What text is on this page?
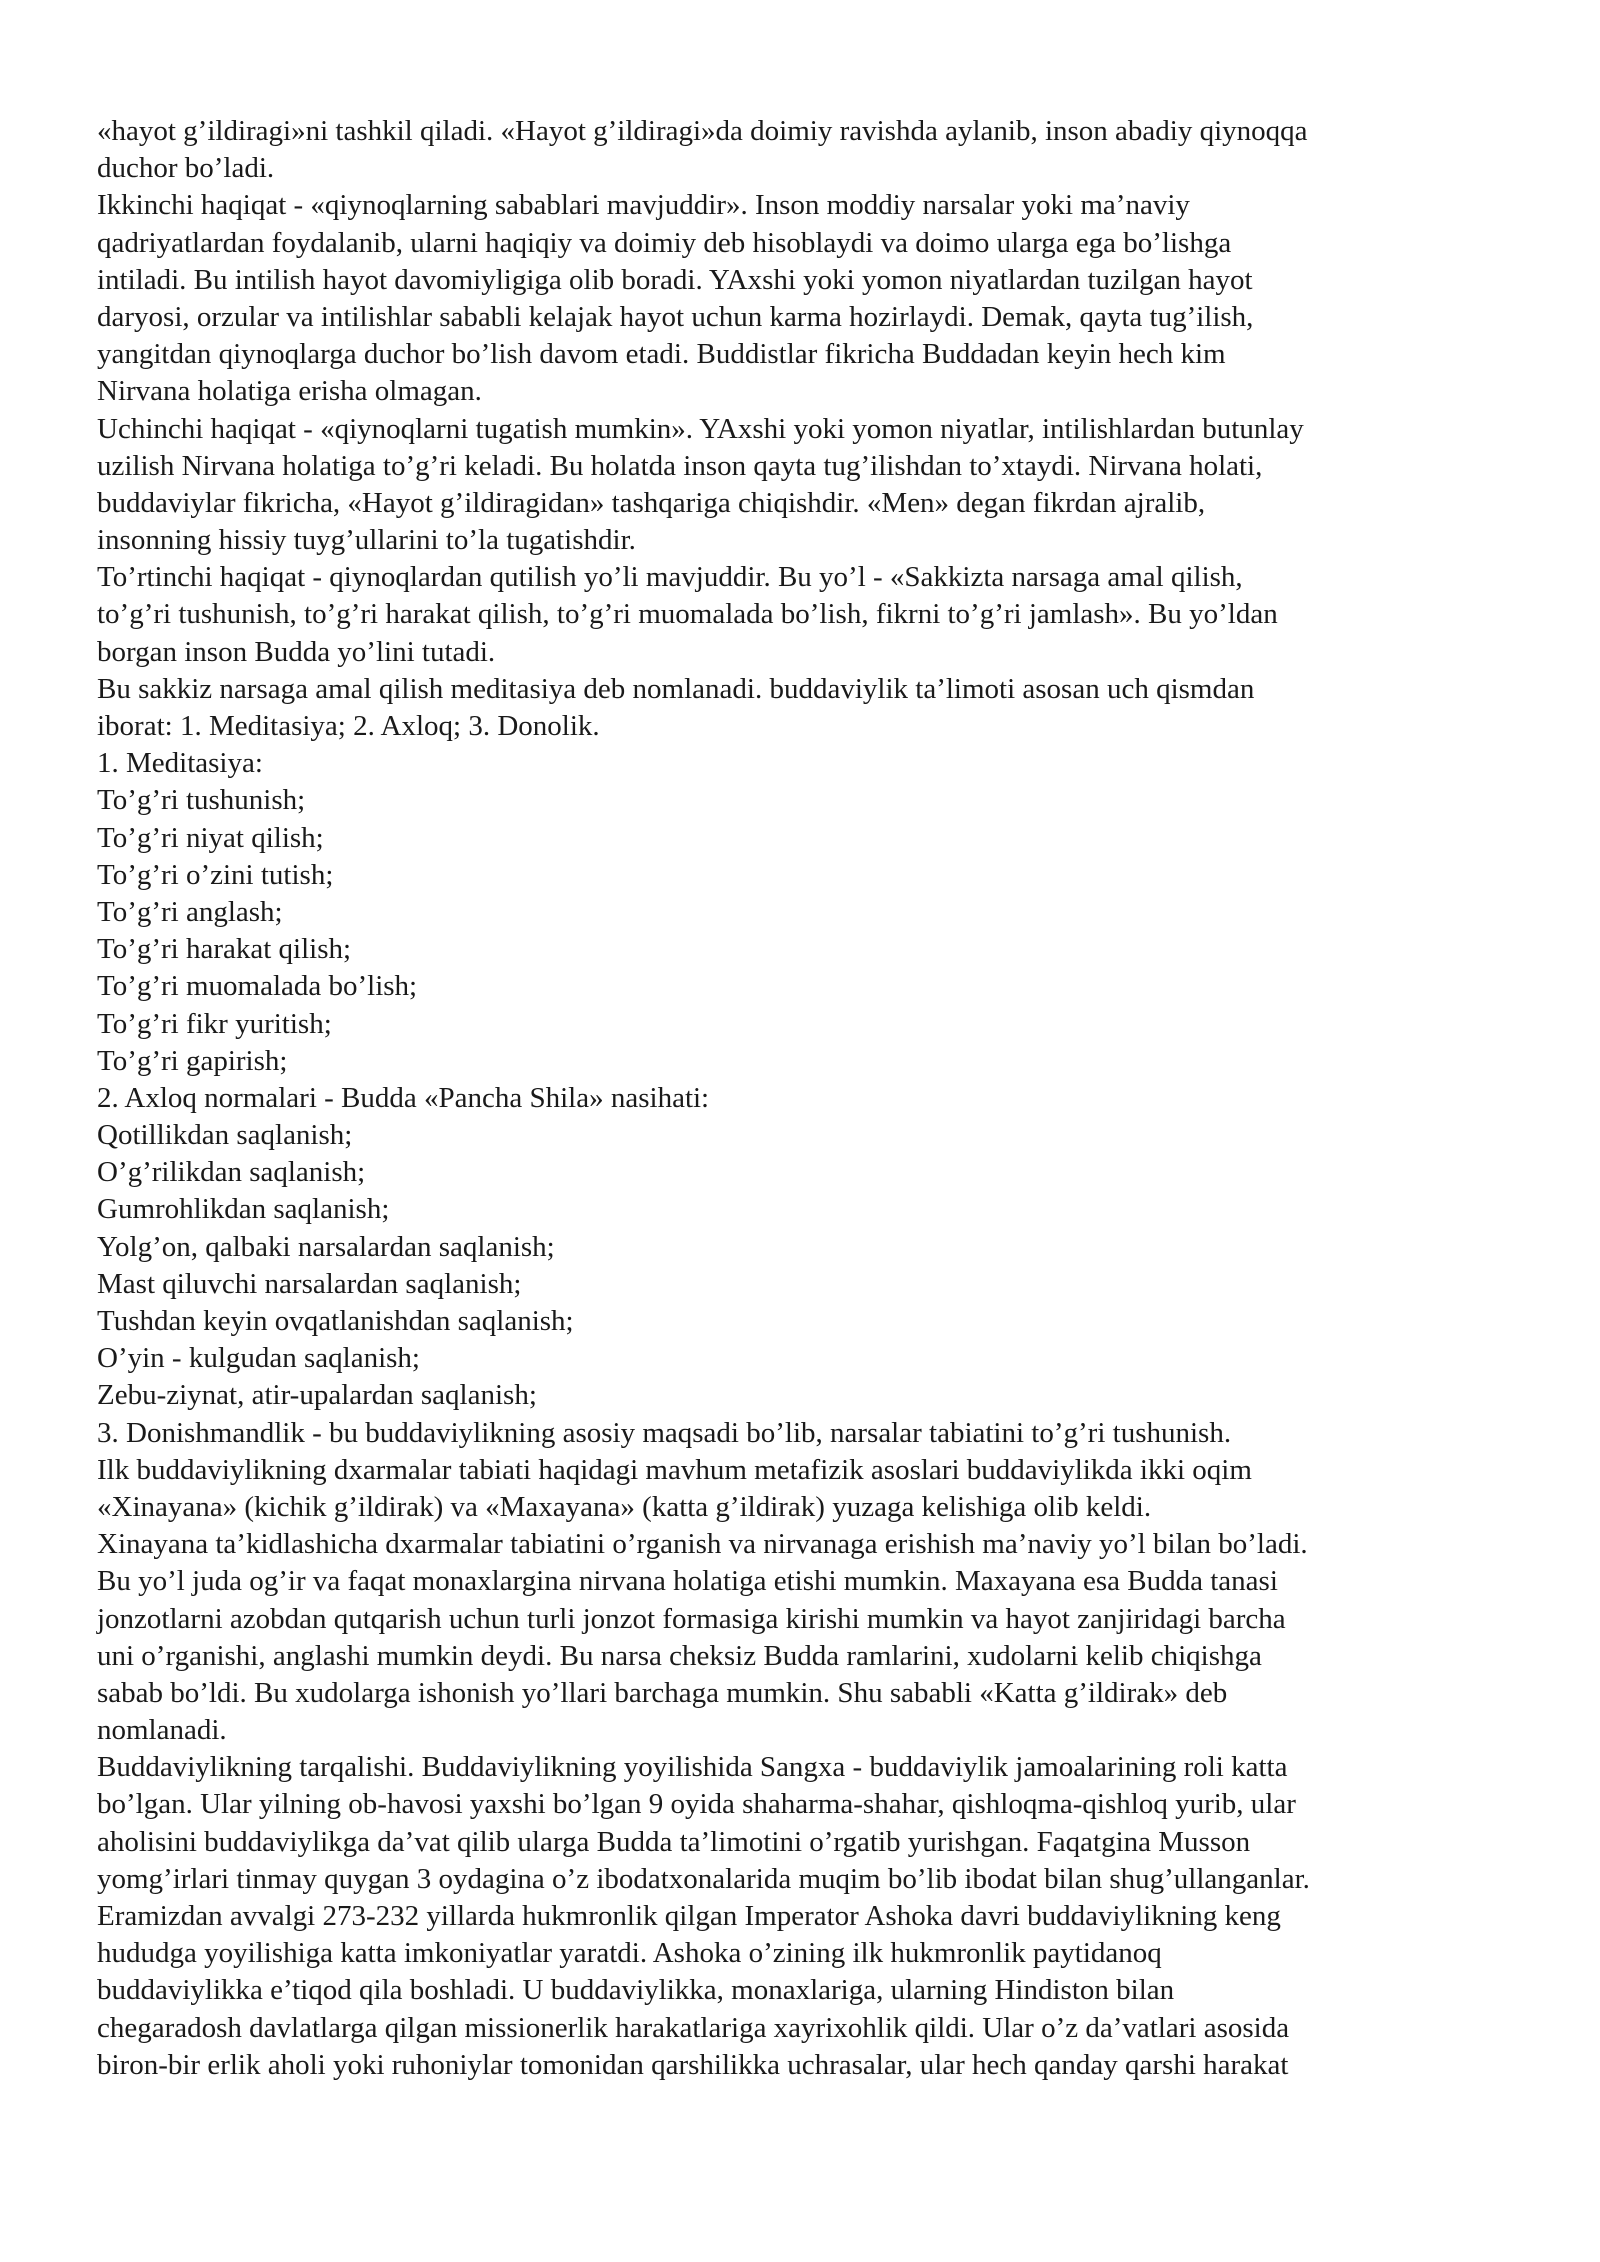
«hayot g’ildiragi»ni tashkil qiladi. «Hayot g’ildiragi»da doimiy ravishda aylanib, inson abadiy qiynoqqa
duchor bo’ladi.
Ikkinchi haqiqat - «qiynoqlarning sabablari mavjuddir». Inson moddiy narsalar yoki ma’naviy
qadriyatlardan foydalanib, ularni haqiqiy va doimiy deb hisoblaydi va doimo ularga ega bo’lishga
intiladi. Bu intilish hayot davomiyligiga olib boradi. YAxshi yoki yomon niyatlardan tuzilgan hayot
daryosi, orzular va intilishlar sababli kelajak hayot uchun karma hozirlaydi. Demak, qayta tug’ilish,
yangitdan qiynoqlarga duchor bo’lish davom etadi. Buddistlar fikricha Buddadan keyin hech kim
Nirvana holatiga erisha olmagan.
Uchinchi haqiqat - «qiynoqlarni tugatish mumkin». YAxshi yoki yomon niyatlar, intilishlardan butunlay
uzilish Nirvana holatiga to’g’ri keladi. Bu holatda inson qayta tug’ilishdan to’xtaydi. Nirvana holati,
buddaviylar fikricha, «Hayot g’ildiragidan» tashqariga chiqishdir. «Men» degan fikrdan ajralib,
insonning hissiy tuyg’ullarini to’la tugatishdir.
To’rtinchi haqiqat - qiynoqlardan qutilish yo’li mavjuddir. Bu yo’l - «Sakkizta narsaga amal qilish,
to’g’ri tushunish, to’g’ri harakat qilish, to’g’ri muomalada bo’lish, fikrni to’g’ri jamlash». Bu yo’ldan
borgan inson Budda yo’lini tutadi.
Bu sakkiz narsaga amal qilish meditasiya deb nomlanadi. buddaviylik ta’limoti asosan uch qismdan
iborat: 1. Meditasiya; 2. Axloq; 3. Donolik.
1. Meditasiya:
To’g’ri tushunish;
To’g’ri niyat qilish;
To’g’ri o’zini tutish;
To’g’ri anglash;
To’g’ri harakat qilish;
To’g’ri muomalada bo’lish;
To’g’ri fikr yuritish;
To’g’ri gapirish;
2. Axloq normalari - Budda «Pancha Shila» nasihati:
Qotillikdan saqlanish;
O’g’rilikdan saqlanish;
Gumrohlikdan saqlanish;
Yolg’on, qalbaki narsalardan saqlanish;
Mast qiluvchi narsalardan saqlanish;
Tushdan keyin ovqatlanishdan saqlanish;
O’yin - kulgudan saqlanish;
Zebu-ziynat, atir-upalardan saqlanish;
3. Donishmandlik - bu buddaviylikning asosiy maqsadi bo’lib, narsalar tabiatini to’g’ri tushunish.
Ilk buddaviylikning dxarmalar tabiati haqidagi mavhum metafizik asoslari buddaviylikda ikki oqim
«Xinayana» (kichik g’ildirak) va «Maxayana» (katta g’ildirak) yuzaga kelishiga olib keldi.
Xinayana ta’kidlashicha dxarmalar tabiatini o’rganish va nirvanaga erishish ma’naviy yo’l bilan bo’ladi.
Bu yo’l juda og’ir va faqat monaxlargina nirvana holatiga etishi mumkin. Maxayana esa Budda tanasi
jonzotlarni azobdan qutqarish uchun turli jonzot formasiga kirishi mumkin va hayot zanjiridagi barcha
uni o’rganishi, anglashi mumkin deydi. Bu narsa cheksiz Budda ramlarini, xudolarni kelib chiqishga
sabab bo’ldi. Bu xudolarga ishonish yo’llari barchaga mumkin. Shu sababli «Katta g’ildirak» deb
nomlanadi.
Buddaviylikning tarqalishi. Buddaviylikning yoyilishida Sangxa - buddaviylik jamoalarining roli katta
bo’lgan. Ular yilning ob-havosi yaxshi bo’lgan 9 oyida shaharma-shahar, qishloqma-qishloq yurib, ular
aholisini buddaviylikga da’vat qilib ularga Budda ta’limotini o’rgatib yurishgan. Faqatgina Musson
yomg’irlari tinmay quygan 3 oydagina o’z ibodatxonalarida muqim bo’lib ibodat bilan shug’ullanganlar.
Eramizdan avvalgi 273-232 yillarda hukmronlik qilgan Imperator Ashoka davri buddaviylikning keng
hududga yoyilishiga katta imkoniyatlar yaratdi. Ashoka o’zining ilk hukmronlik paytidanoq
buddaviylikka e’tiqod qila boshladi. U buddaviylikka, monaxlariga, ularning Hindiston bilan
chegaradosh davlatlarga qilgan missionerlik harakatlariga xayrixohlik qildi. Ular o’z da’vatlari asosida
biron-bir erlik aholi yoki ruhoniylar tomonidan qarshilikka uchrasalar, ular hech qanday qarshi harakat
